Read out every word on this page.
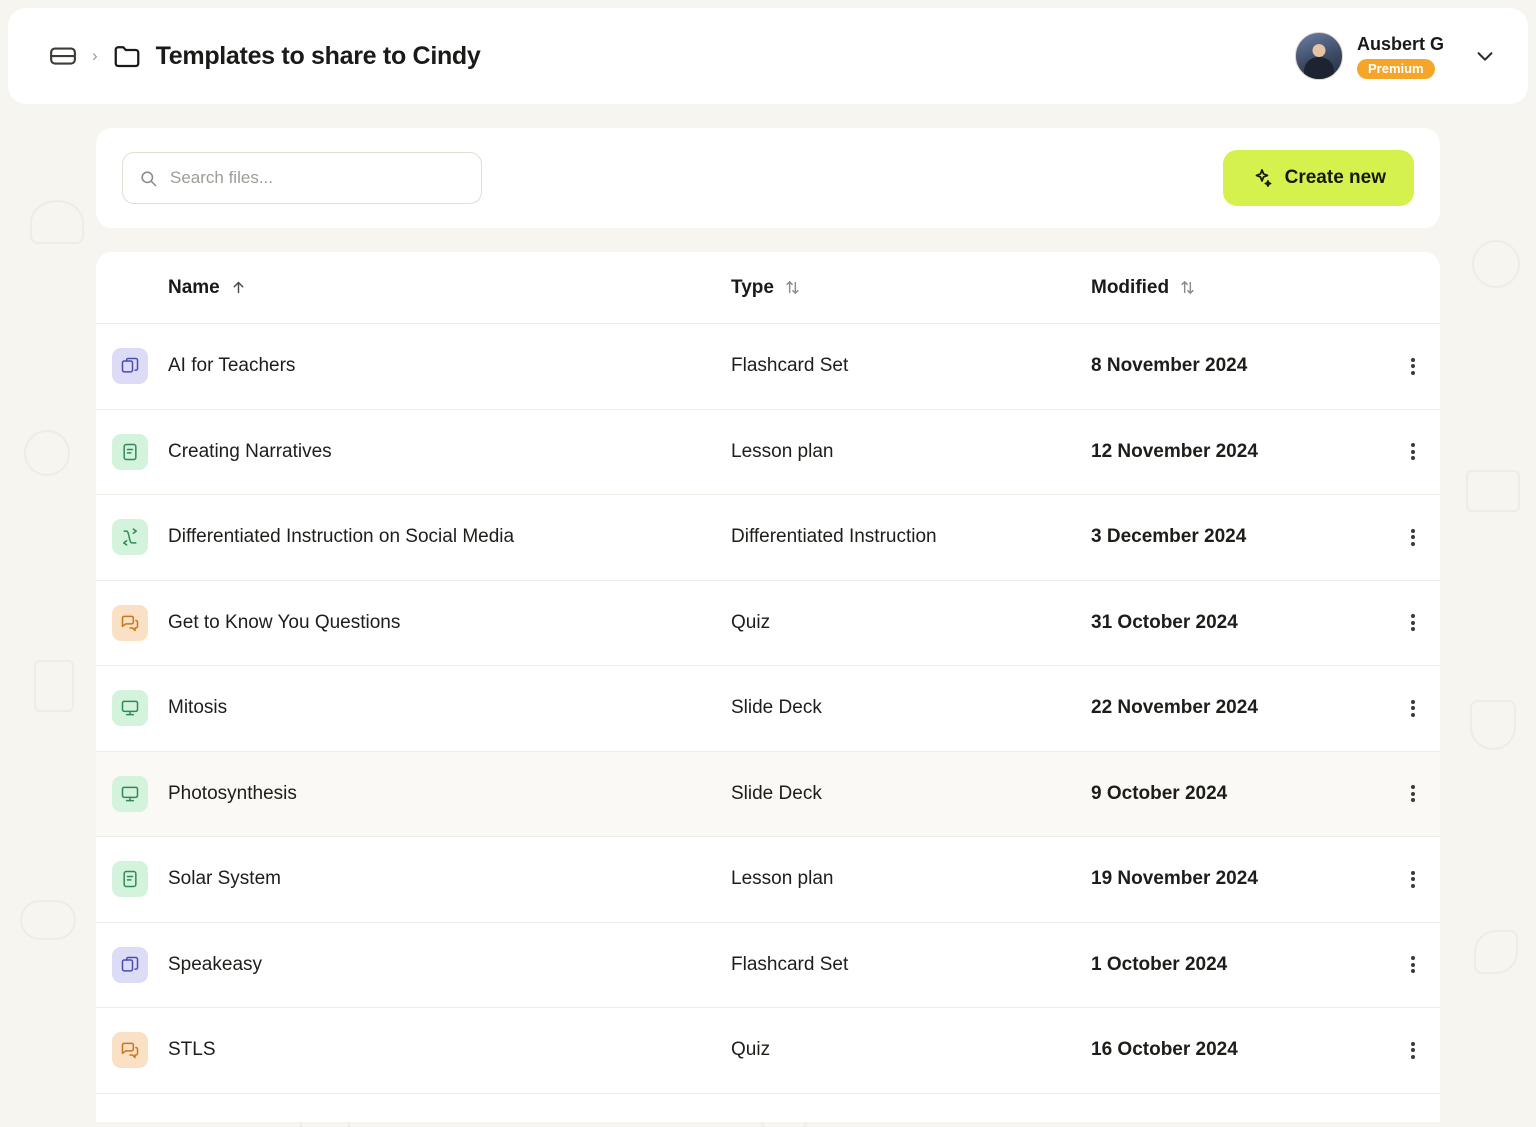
› Templates to share to Cindy	Ausbert G
Premium
Search files...
Create new
Name	Type	Modified
AI for Teachers	Flashcard Set	8 November 2024
Creating Narratives	Lesson plan	12 November 2024
Differentiated Instruction on Social Media	Differentiated Instruction	3 December 2024
Get to Know You Questions	Quiz	31 October 2024
Mitosis	Slide Deck	22 November 2024
Photosynthesis	Slide Deck	9 October 2024
Solar System	Lesson plan	19 November 2024
Speakeasy	Flashcard Set	1 October 2024
STLS	Quiz	16 October 2024
